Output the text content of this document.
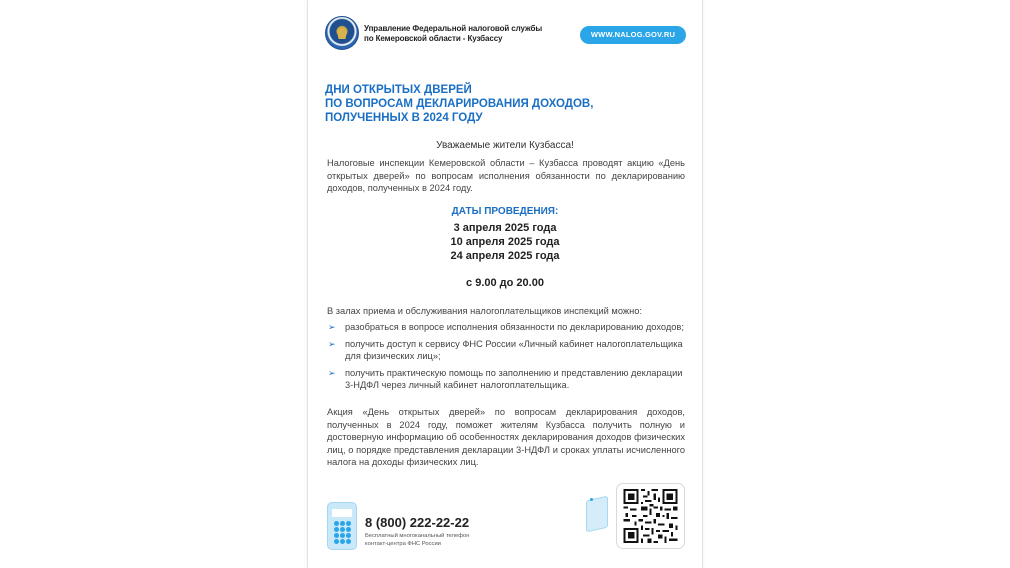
Управление Федеральной налоговой службы
по Кемеровской области - Кузбассу	WWW.NALOG.GOV.RU
ДНИ ОТКРЫТЫХ ДВЕРЕЙ
ПО ВОПРОСАМ ДЕКЛАРИРОВАНИЯ ДОХОДОВ,
ПОЛУЧЕННЫХ В 2024 ГОДУ
Уважаемые жители Кузбасса!
Налоговые инспекции Кемеровской области – Кузбасса проводят акцию «День открытых дверей» по вопросам исполнения обязанности по декларированию доходов, полученных в 2024 году.
ДАТЫ ПРОВЕДЕНИЯ:
3 апреля 2025 года
10 апреля 2025 года
24 апреля 2025 года
с 9.00 до 20.00
В залах приема и обслуживания налогоплательщиков инспекций можно:
➢ разобраться в вопросе исполнения обязанности по декларированию доходов;
➢ получить доступ к сервису ФНС России «Личный кабинет налогоплательщика для физических лиц»;
➢ получить практическую помощь по заполнению и представлению декларации 3-НДФЛ через личный кабинет налогоплательщика.
Акция «День открытых дверей» по вопросам декларирования доходов, полученных в 2024 году, поможет жителям Кузбасса получить полную и достоверную информацию об особенностях декларирования доходов физических лиц, о порядке представления декларации 3-НДФЛ и сроках уплаты исчисленного налога на доходы физических лиц.
8 (800) 222-22-22
Бесплатный многоканальный телефон
контакт-центра ФНС России
